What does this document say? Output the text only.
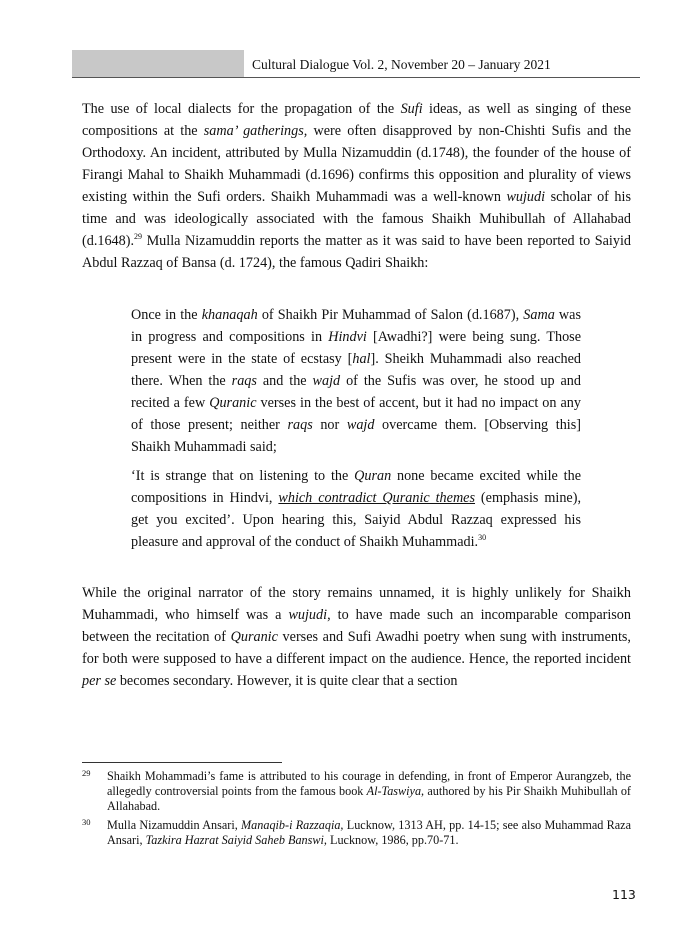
Cultural Dialogue Vol. 2, November 20 – January 2021
The use of local dialects for the propagation of the Sufi ideas, as well as singing of these compositions at the sama’ gatherings, were often disapproved by non-Chishti Sufis and the Orthodoxy. An incident, attributed by Mulla Nizamuddin (d.1748), the founder of the house of Firangi Mahal to Shaikh Muhammadi (d.1696) confirms this opposition and plurality of views existing within the Sufi orders. Shaikh Muhammadi was a well-known wujudi scholar of his time and was ideologically associated with the famous Shaikh Muhibullah of Allahabad (d.1648).$^{29}$ Mulla Nizamuddin reports the matter as it was said to have been reported to Saiyid Abdul Razzaq of Bansa (d. 1724), the famous Qadiri Shaikh:
Once in the khanaqah of Shaikh Pir Muhammad of Salon (d.1687), Sama was in progress and compositions in Hindvi [Awadhi?] were being sung. Those present were in the state of ecstasy [hal]. Sheikh Muhammadi also reached there. When the raqs and the wajd of the Sufis was over, he stood up and recited a few Quranic verses in the best of accent, but it had no impact on any of those present; neither raqs nor wajd overcame them. [Observing this] Shaikh Muhammadi said;
‘It is strange that on listening to the Quran none became excited while the compositions in Hindvi, which contradict Quranic themes (emphasis mine), get you excited’. Upon hearing this, Saiyid Abdul Razzaq expressed his pleasure and approval of the conduct of Shaikh Muhammadi.$^{30}$
While the original narrator of the story remains unnamed, it is highly unlikely for Shaikh Muhammadi, who himself was a wujudi, to have made such an incomparable comparison between the recitation of Quranic verses and Sufi Awadhi poetry when sung with instruments, for both were supposed to have a different impact on the audience. Hence, the reported incident per se becomes secondary. However, it is quite clear that a section
29 Shaikh Mohammadi’s fame is attributed to his courage in defending, in front of Emperor Aurangzeb, the allegedly controversial points from the famous book Al-Taswiya, authored by his Pir Shaikh Muhibullah of Allahabad.
30 Mulla Nizamuddin Ansari, Manaqib-i Razzaqia, Lucknow, 1313 AH, pp. 14-15; see also Muhammad Raza Ansari, Tazkira Hazrat Saiyid Saheb Banswi, Lucknow, 1986, pp.70-71.
113
